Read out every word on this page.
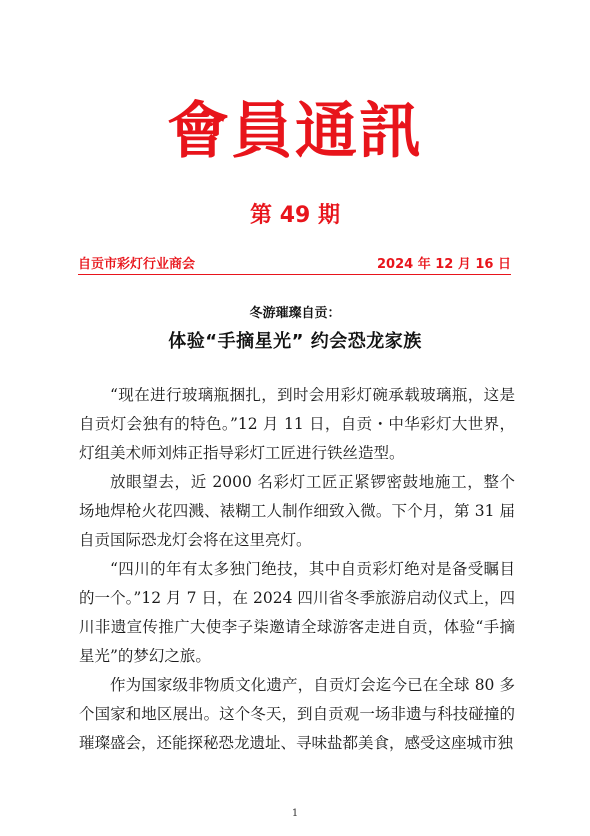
會員通訊
第 49 期
自贡市彩灯行业商会	2024 年 12 月 16 日
冬游璀璨自贡：
体验“手摘星光” 约会恐龙家族

“现在进行玻璃瓶捆扎，到时会用彩灯碗承载玻璃瓶，这是自贡灯会独有的特色。”12 月 11 日，自贡・中华彩灯大世界，灯组美术师刘炜正指导彩灯工匠进行铁丝造型。

放眼望去，近 2000 名彩灯工匠正紧锣密鼓地施工，整个场地焊枪火花四溅、裱糊工人制作细致入微。下个月，第 31 届自贡国际恐龙灯会将在这里亮灯。

“四川的年有太多独门绝技，其中自贡彩灯绝对是备受瞩目的一个。”12 月 7 日，在 2024 四川省冬季旅游启动仪式上，四川非遗宣传推广大使李子柒邀请全球游客走进自贡，体验“手摘星光”的梦幻之旅。

作为国家级非物质文化遗产，自贡灯会迄今已在全球 80 多个国家和地区展出。这个冬天，到自贡观一场非遗与科技碰撞的璀璨盛会，还能探秘恐龙遗址、寻味盐都美食，感受这座城市独

1
